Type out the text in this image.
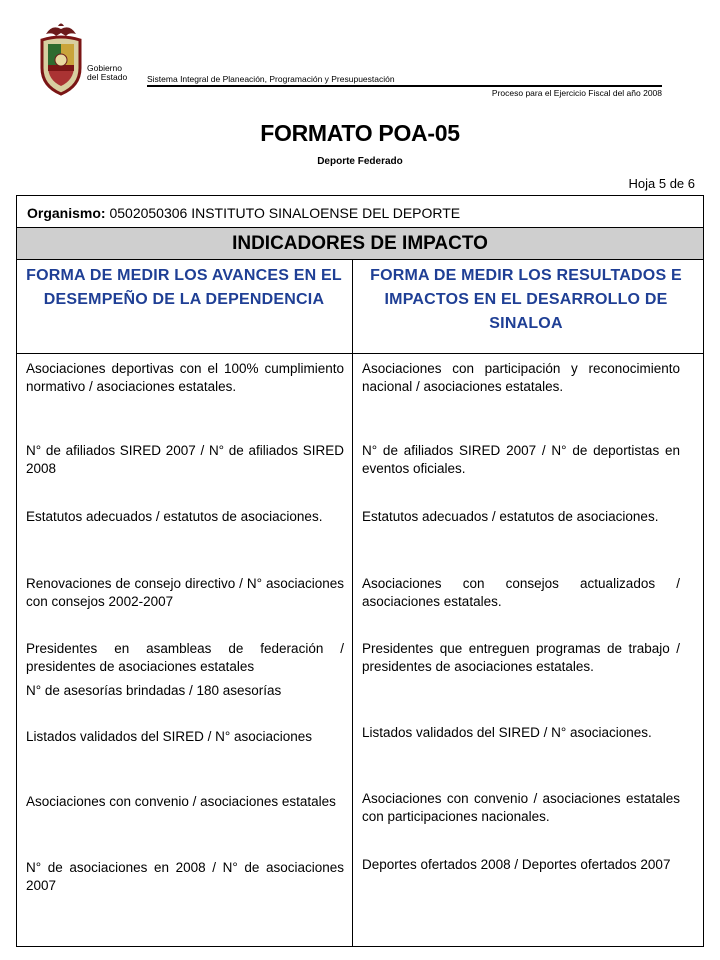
Gobierno
del Estado Sistema Integral de Planeación, Programación y Presupuestación
Proceso para el Ejercicio Fiscal del año 2008
FORMATO POA-05
Deporte Federado
Hoja 5 de 6
Organismo: 0502050306 INSTITUTO SINALOENSE DEL DEPORTE
INDICADORES DE IMPACTO
FORMA DE MEDIR LOS AVANCES EN EL DESEMPEÑO DE LA DEPENDENCIA
FORMA DE MEDIR LOS RESULTADOS E IMPACTOS EN EL DESARROLLO DE SINALOA
Asociaciones deportivas con el 100% cumplimiento normativo / asociaciones estatales.
N° de afiliados SIRED 2007 / N° de afiliados SIRED 2008
Estatutos adecuados / estatutos de asociaciones.
Renovaciones de consejo directivo / N° asociaciones con consejos 2002-2007
Presidentes en asambleas de federación / presidentes de asociaciones estatales
N° de asesorías brindadas / 180 asesorías
Listados validados del SIRED / N° asociaciones
Asociaciones con convenio / asociaciones estatales
N° de asociaciones en 2008 / N° de asociaciones 2007
Asociaciones con participación y reconocimiento nacional / asociaciones estatales.
N° de afiliados SIRED 2007 / N° de deportistas en eventos oficiales.
Estatutos adecuados / estatutos de asociaciones.
Asociaciones con consejos actualizados / asociaciones estatales.
Presidentes que entreguen programas de trabajo / presidentes de asociaciones estatales.
Listados validados del SIRED / N° asociaciones.
Asociaciones con convenio / asociaciones estatales con participaciones nacionales.
Deportes ofertados 2008 / Deportes ofertados 2007
